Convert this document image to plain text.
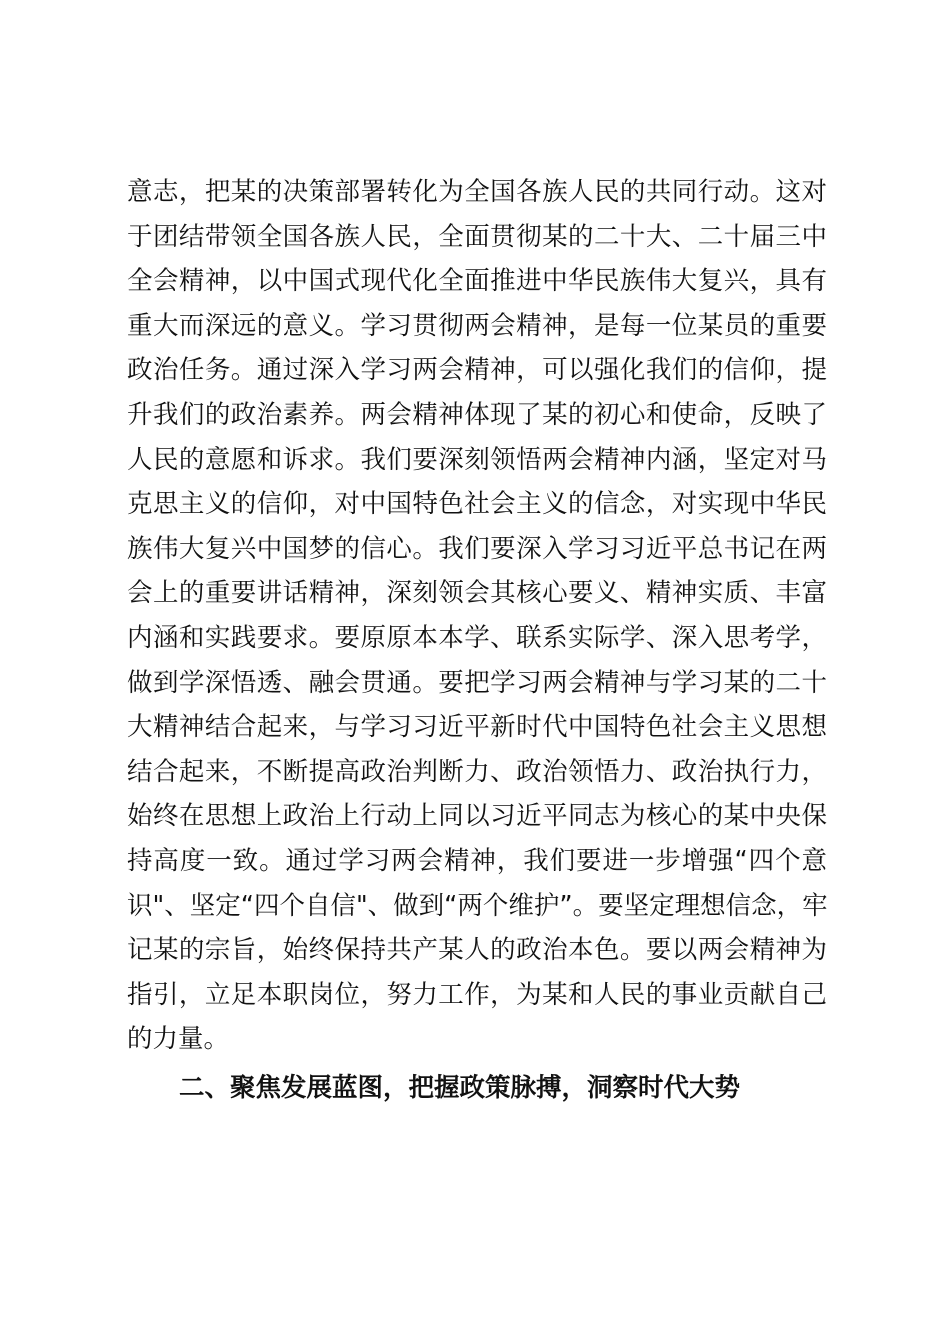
意志，把某的决策部署转化为全国各族人民的共同行动。这对
于团结带领全国各族人民，全面贯彻某的二十大、二十届三中
全会精神，以中国式现代化全面推进中华民族伟大复兴，具有
重大而深远的意义。学习贯彻两会精神，是每一位某员的重要
政治任务。通过深入学习两会精神，可以强化我们的信仰，提
升我们的政治素养。两会精神体现了某的初心和使命，反映了
人民的意愿和诉求。我们要深刻领悟两会精神内涵，坚定对马
克思主义的信仰，对中国特色社会主义的信念，对实现中华民
族伟大复兴中国梦的信心。我们要深入学习习近平总书记在两
会上的重要讲话精神，深刻领会其核心要义、精神实质、丰富
内涵和实践要求。要原原本本学、联系实际学、深入思考学，
做到学深悟透、融会贯通。要把学习两会精神与学习某的二十
大精神结合起来，与学习习近平新时代中国特色社会主义思想
结合起来，不断提高政治判断力、政治领悟力、政治执行力，
始终在思想上政治上行动上同以习近平同志为核心的某中央保
持高度一致。通过学习两会精神，我们要进一步增强“四个意
识"、坚定“四个自信"、做到“两个维护”。要坚定理想信念，牢
记某的宗旨，始终保持共产某人的政治本色。要以两会精神为
指引，立足本职岗位，努力工作，为某和人民的事业贡献自己
的力量。
二、聚焦发展蓝图，把握政策脉搏，洞察时代大势
